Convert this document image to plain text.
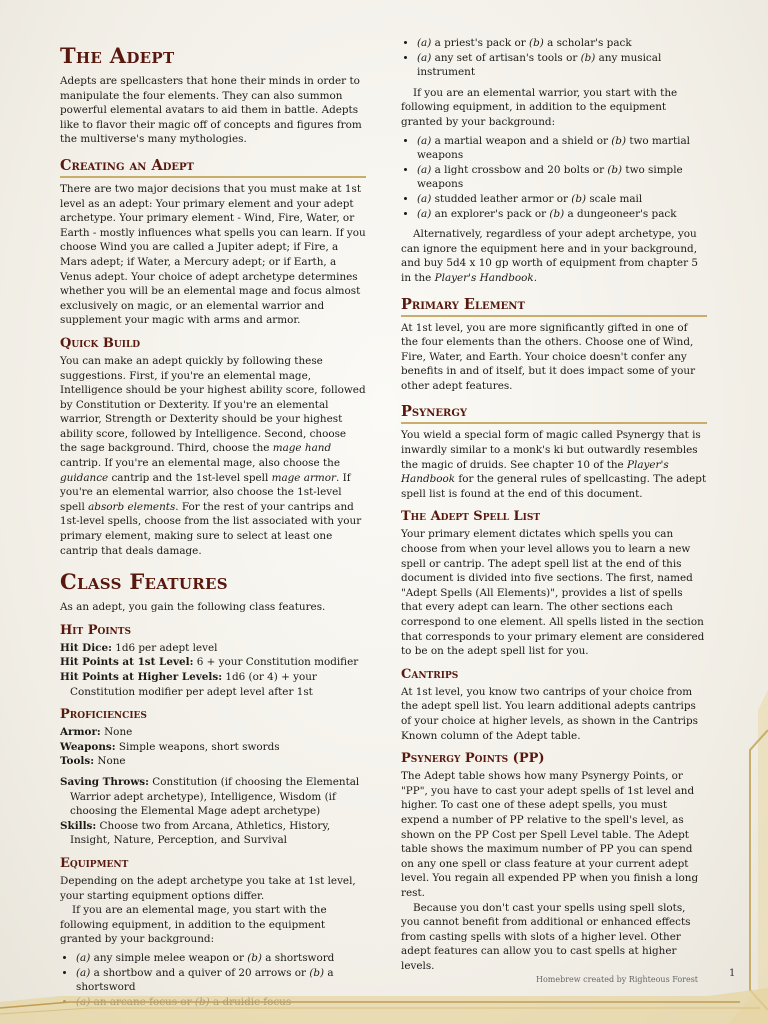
The Adept

Adepts are spellcasters that hone their minds in order to manipulate the four elements. They can also summon powerful elemental avatars to aid them in battle. Adepts like to flavor their magic off of concepts and figures from the multiverse's many mythologies.

Creating an Adept

There are two major decisions that you must make at 1st level as an adept: Your primary element and your adept archetype. Your primary element - Wind, Fire, Water, or Earth - mostly influences what spells you can learn. If you choose Wind you are called a Jupiter adept; if Fire, a Mars adept; if Water, a Mercury adept; or if Earth, a Venus adept. Your choice of adept archetype determines whether you will be an elemental mage and focus almost exclusively on magic, or an elemental warrior and supplement your magic with arms and armor.

Quick Build

You can make an adept quickly by following these suggestions. First, if you're an elemental mage, Intelligence should be your highest ability score, followed by Constitution or Dexterity. If you're an elemental warrior, Strength or Dexterity should be your highest ability score, followed by Intelligence. Second, choose the sage background. Third, choose the mage hand cantrip. If you're an elemental mage, also choose the guidance cantrip and the 1st-level spell mage armor. If you're an elemental warrior, also choose the 1st-level spell absorb elements. For the rest of your cantrips and 1st-level spells, choose from the list associated with your primary element, making sure to select at least one cantrip that deals damage.

Class Features

As an adept, you gain the following class features.

Hit Points
Hit Dice: 1d6 per adept level
Hit Points at 1st Level: 6 + your Constitution modifier
Hit Points at Higher Levels: 1d6 (or 4) + your Constitution modifier per adept level after 1st
Proficiencies
Armor: None
Weapons: Simple weapons, short swords
Tools: None
Saving Throws: Constitution (if choosing the Elemental Warrior adept archetype), Intelligence, Wisdom (if choosing the Elemental Mage adept archetype)
Skills: Choose two from Arcana, Athletics, History, Insight, Nature, Perception, and Survival
Equipment

Depending on the adept archetype you take at 1st level, your starting equipment options differ.

If you are an elemental mage, you start with the following equipment, in addition to the equipment granted by your background:

• (a) any simple melee weapon or (b) a shortsword
• (a) a shortbow and a quiver of 20 arrows or (b) a shortsword
•
• (a) a priest's pack or (b) a scholar's pack
• (a) any set of artisan's tools or (b) any musical instrument

If you are an elemental warrior, you start with the following equipment, in addition to the equipment granted by your background:

• (a) a martial weapon and a shield or (b) two martial weapons
• (a) a light crossbow and 20 bolts or (b) two simple weapons
• (a) studded leather armor or (b) scale mail
• (a) an explorer's pack or (b) a dungeoneer's pack

Alternatively, regardless of your adept archetype, you can ignore the equipment here and in your background, and buy 5d4 x 10 gp worth of equipment from chapter 5 in the Player's Handbook.

Primary Element

At 1st level, you are more significantly gifted in one of the four elements than the others. Choose one of Wind, Fire, Water, and Earth. Your choice doesn't confer any benefits in and of itself, but it does impact some of your other adept features.

Psynergy

You wield a special form of magic called Psynergy that is inwardly similar to a monk's ki but outwardly resembles the magic of druids. See chapter 10 of the Player's Handbook for the general rules of spellcasting. The adept spell list is found at the end of this document.

The Adept Spell List

Your primary element dictates which spells you can choose from when your level allows you to learn a new spell or cantrip. The adept spell list at the end of this document is divided into five sections. The first, named "Adept Spells (All Elements)", provides a list of spells that every adept can learn. The other sections each correspond to one element. All spells listed in the section that corresponds to your primary element are considered to be on the adept spell list for you.

Cantrips

At 1st level, you know two cantrips of your choice from the adept spell list. You learn additional adepts cantrips of your choice at higher levels, as shown in the Cantrips Known column of the Adept table.

Psynergy Points (PP)

The Adept table shows how many Psynergy Points, or "PP", you have to cast your adept spells of 1st level and higher. To cast one of these adept spells, you must expend a number of PP relative to the spell's level, as shown on the PP Cost per Spell Level table. The Adept table shows the maximum number of PP you can spend on any one spell or class feature at your current adept level. You regain all expended PP when you finish a long rest.

Because you don't cast your spells using spell slots, you cannot benefit from additional or enhanced effects from casting spells with slots of a higher level. Other adept features can allow you to cast spells at higher levels.

Homebrew created by Righteous Forest
1
